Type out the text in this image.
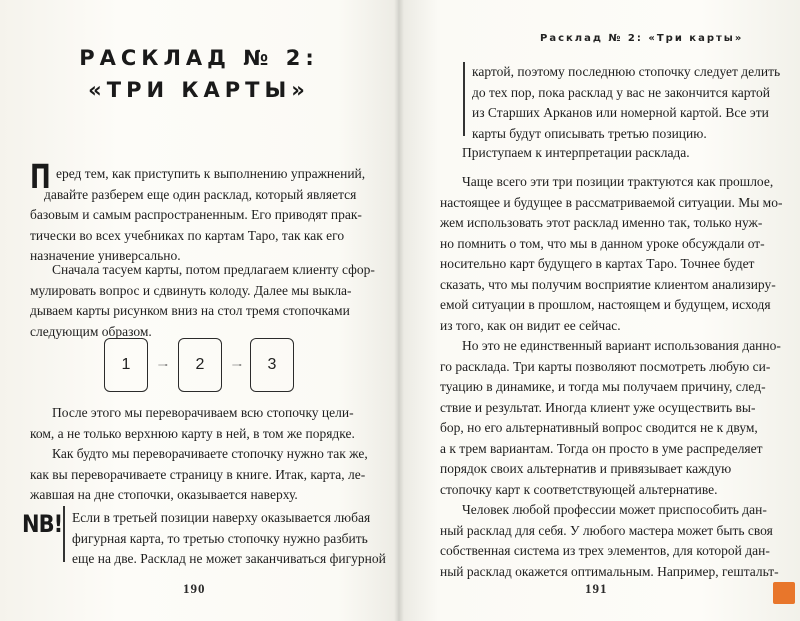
РАСКЛАД № 2:
«ТРИ КАРТЫ»
П еред тем, как приступить к выполнению упражнений,
давайте разберем еще один расклад, который является
базовым и самым распространенным. Его приводят прак-
тически во всех учебниках по картам Таро, так как его
назначение универсально.
Сначала тасуем карты, потом предлагаем клиенту сфор-
мулировать вопрос и сдвинуть колоду. Далее мы выкла-
дываем карты рисунком вниз на стол тремя стопочками
следующим образом.
1	2	3
После этого мы переворачиваем всю стопочку цели-
ком, а не только верхнюю карту в ней, в том же порядке.
Как будто мы переворачиваете стопочку нужно так же,
как вы переворачиваете страницу в книге. Итак, карта, ле-
жавшая на дне стопочки, оказывается наверху.
NB! Если в третьей позиции наверху оказывается любая
фигурная карта, то третью стопочку нужно разбить
еще на две. Расклад не может заканчиваться фигурной
190
Расклад № 2: «Три карты»
картой, поэтому последнюю стопочку следует делить
до тех пор, пока расклад у вас не закончится картой
из Старших Арканов или номерной картой. Все эти
карты будут описывать третью позицию.
Приступаем к интерпретации расклада.
Чаще всего эти три позиции трактуются как прошлое,
настоящее и будущее в рассматриваемой ситуации. Мы мо-
жем использовать этот расклад именно так, только нуж-
но помнить о том, что мы в данном уроке обсуждали от-
носительно карт будущего в картах Таро. Точнее будет
сказать, что мы получим восприятие клиентом анализиру-
емой ситуации в прошлом, настоящем и будущем, исходя
из того, как он видит ее сейчас.
Но это не единственный вариант использования данно-
го расклада. Три карты позволяют посмотреть любую си-
туацию в динамике, и тогда мы получаем причину, след-
ствие и результат. Иногда клиент уже осуществить вы-
бор, но его альтернативный вопрос сводится не к двум,
а к трем вариантам. Тогда он просто в уме распределяет
порядок своих альтернатив и привязывает каждую
стопочку карт к соответствующей альтернативе.
Человек любой профессии может приспособить дан-
ный расклад для себя. У любого мастера может быть своя
собственная система из трех элементов, для которой дан-
ный расклад окажется оптимальным. Например, гештальт-
191
